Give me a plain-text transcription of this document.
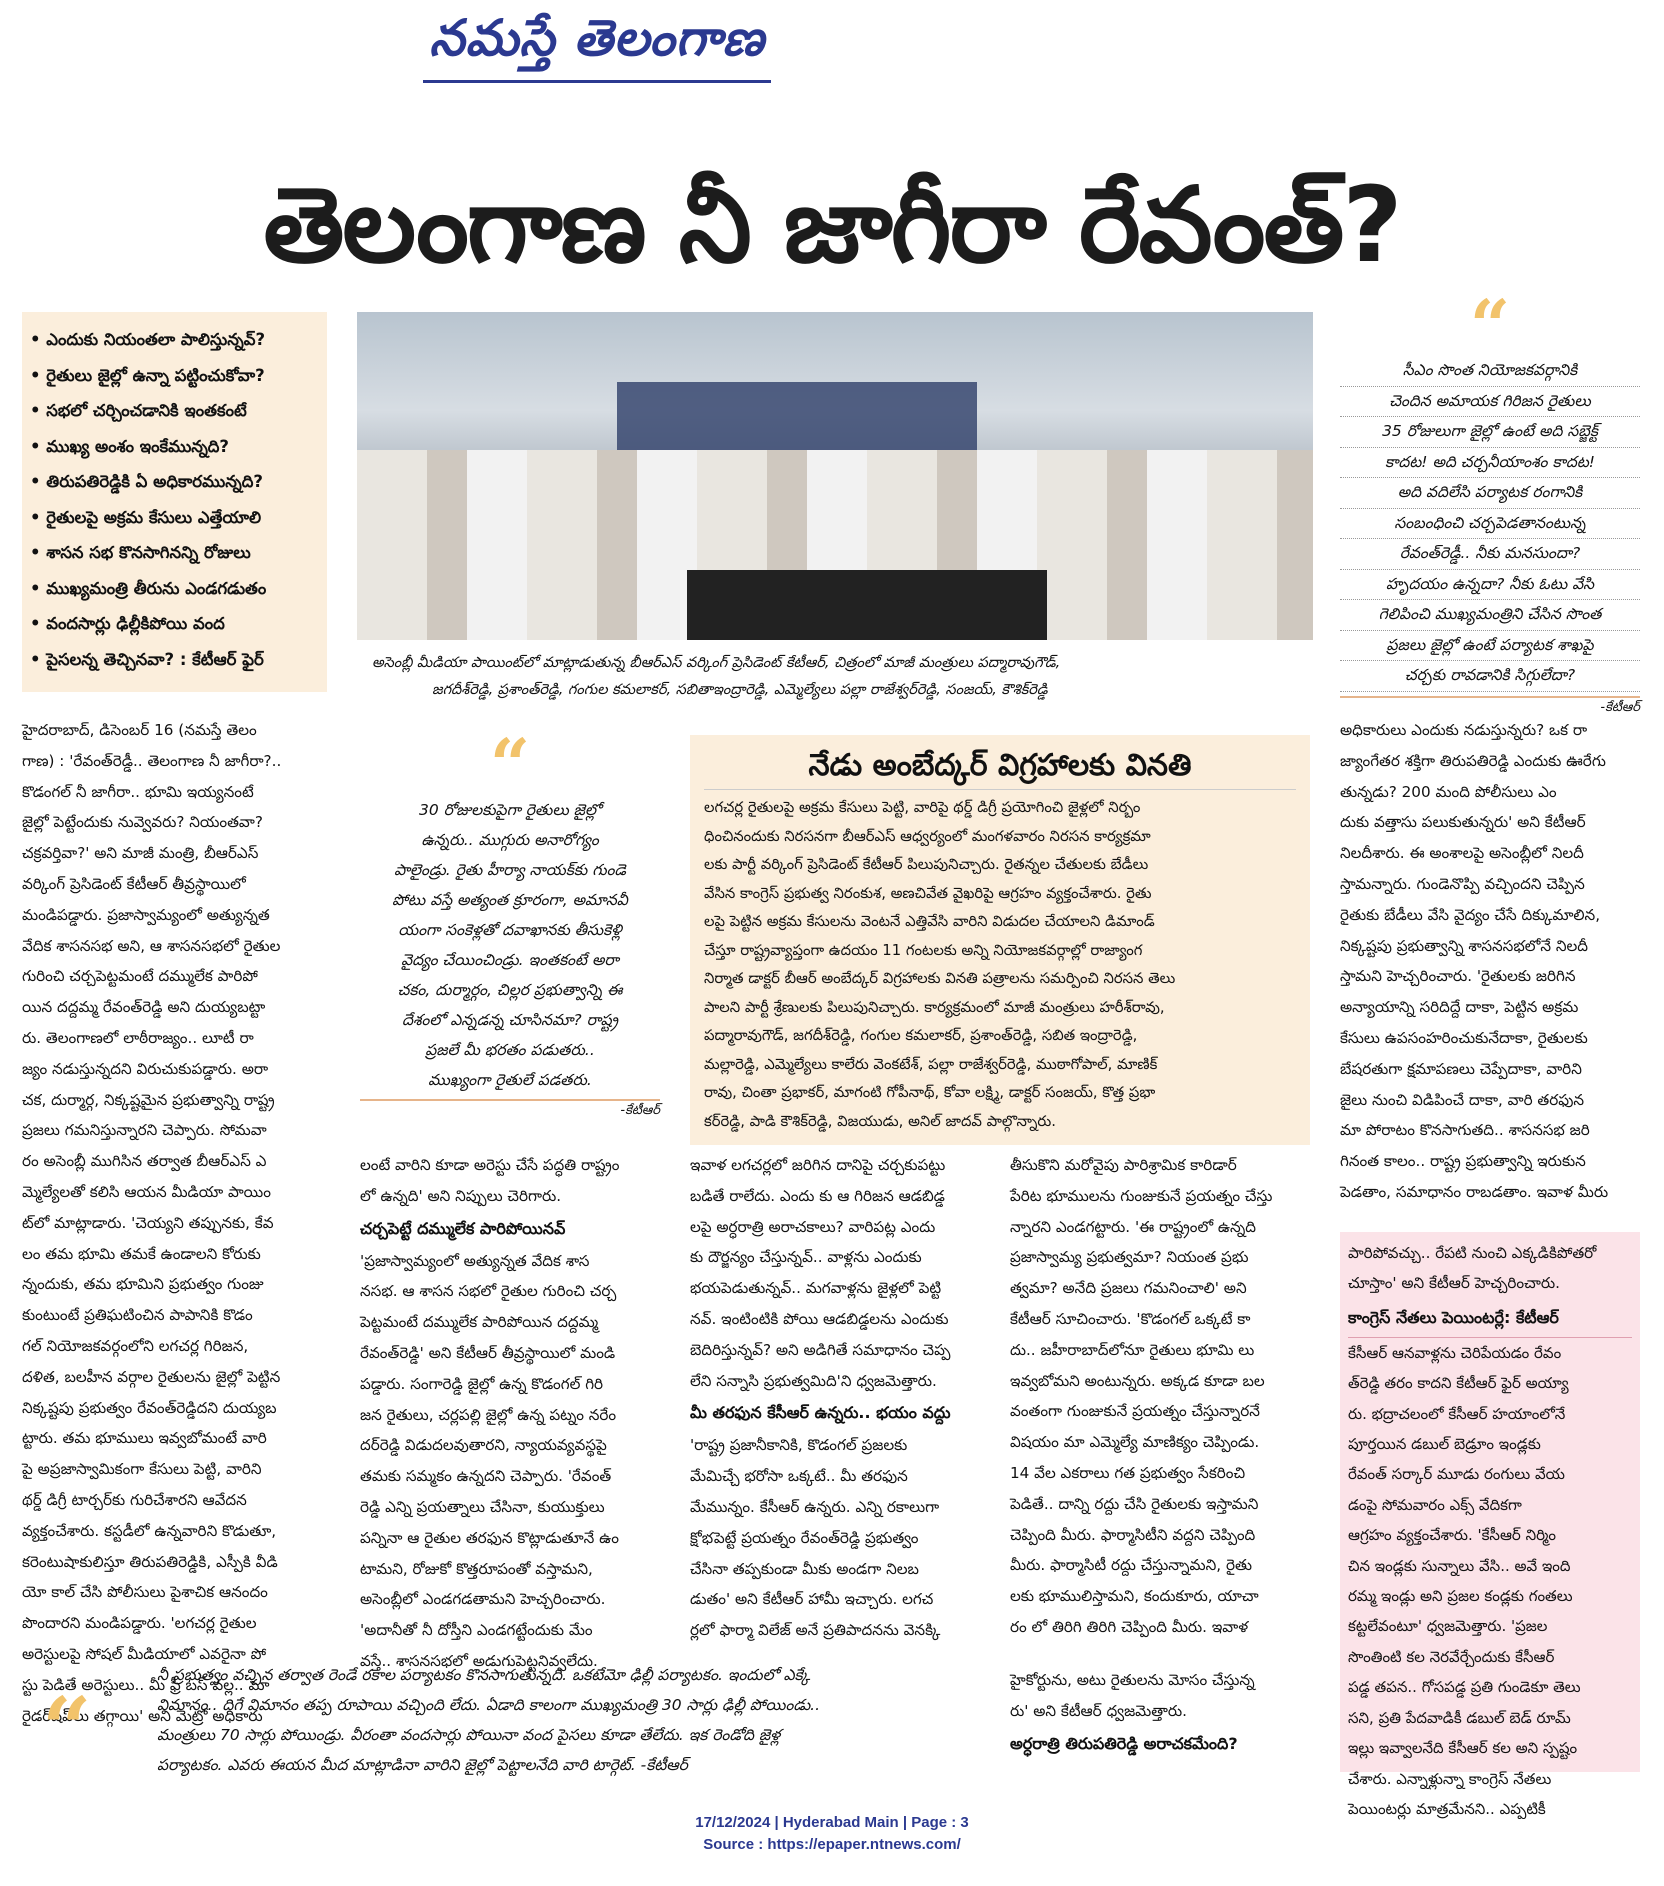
నమస్తే తెలంగాణ
తెలంగాణ నీ జాగీరా రేవంత్?
• ఎందుకు నియంతలా పాలిస్తున్నవ్?
• రైతులు జైల్లో ఉన్నా పట్టించుకోవా?
• సభలో చర్చించడానికి ఇంతకంటే
• ముఖ్య అంశం ఇంకేమున్నది?
• తిరుపతిరెడ్డికి ఏ అధికారమున్నది?
• రైతులపై అక్రమ కేసులు ఎత్తేయాలి
• శాసన సభ కొనసాగినన్ని రోజులు
• ముఖ్యమంత్రి తీరును ఎండగడుతం
• వందసార్లు ఢిల్లీకిపోయి వంద
• పైసలన్న తెచ్చినవా? : కేటీఆర్ ఫైర్	అసెంబ్లీ మీడియా పాయింట్‌లో మాట్లాడుతున్న బీఆర్‌ఎస్ వర్కింగ్ ప్రెసిడెంట్ కేటీఆర్, చిత్రంలో మాజీ మంత్రులు పద్మారావుగౌడ్,
జగదీశ్‌రెడ్డి, ప్రశాంత్‌రెడ్డి, గంగుల కమలాకర్, సబితాఇంద్రారెడ్డి, ఎమ్మెల్యేలు పల్లా రాజేశ్వర్‌రెడ్డి, సంజయ్, కౌశిక్‌రెడ్డి
“
సీఎం సొంత నియోజకవర్గానికి
చెందిన అమాయక గిరిజన రైతులు
35 రోజులుగా జైల్లో ఉంటే అది సబ్జెక్ట్
కాదట! అది చర్చనీయాంశం కాదట!
అది వదిలేసి పర్యాటక రంగానికి
సంబంధించి చర్చపెడతానంటున్న
రేవంత్‌రెడ్డీ.. నీకు మనసుందా?
హృదయం ఉన్నదా? నీకు ఓటు వేసి
గెలిపించి ముఖ్యమంత్రిని చేసిన సొంత
ప్రజలు జైల్లో ఉంటే పర్యాటక శాఖపై
చర్చకు రావడానికి సిగ్గులేదా?
-కేటీఆర్
హైదరాబాద్, డిసెంబర్ 16 (నమస్తే తెలం
గాణ) : 'రేవంత్‌రెడ్డీ.. తెలంగాణ నీ జాగీరా?..
కొడంగల్ నీ జాగీరా.. భూమి ఇయ్యనంటే
జైల్లో పెట్టేందుకు నువ్వెవరు? నియంతవా?
చక్రవర్తివా?' అని మాజీ మంత్రి, బీఆర్‌ఎస్
వర్కింగ్ ప్రెసిడెంట్ కేటీఆర్ తీవ్రస్థాయిలో
మండిపడ్డారు. ప్రజాస్వామ్యంలో అత్యున్నత
వేదిక శాసనసభ అని, ఆ శాసనసభలో రైతుల
గురించి చర్చపెట్టమంటే దమ్ములేక పారిపో
యిన దద్దమ్మ రేవంత్‌రెడ్డి అని దుయ్యబట్టా
రు. తెలంగాణలో లాఠీరాజ్యం.. లూటీ రా
జ్యం నడుస్తున్నదని విరుచుకుపడ్డారు. అరా
చక, దుర్మార్గ, నిక్కష్టమైన ప్రభుత్వాన్ని రాష్ట్ర
ప్రజలు గమనిస్తున్నారని చెప్పారు. సోమవా
రం అసెంబ్లీ ముగిసిన తర్వాత బీఆర్‌ఎస్ ఎ
మ్మెల్యేలతో కలిసి ఆయన మీడియా పాయిం
ట్‌లో మాట్లాడారు. 'చెయ్యని తప్పునకు, కేవ
లం తమ భూమి తమకే ఉండాలని కోరుకు
న్నందుకు, తమ భూమిని ప్రభుత్వం గుంజు
కుంటుంటే ప్రతిఘటించిన పాపానికి కొడం
గల్ నియోజకవర్గంలోని లగచర్ల గిరిజన,
దళిత, బలహీన వర్గాల రైతులను జైల్లో పెట్టిన
నిక్కష్టపు ప్రభుత్వం రేవంత్‌రెడ్డిదని దుయ్యబ
ట్టారు. తమ భూములు ఇవ్వబోమంటే వారి
పై అప్రజాస్వామికంగా కేసులు పెట్టి, వారిని
థర్డ్ డిగ్రీ టార్చర్‌కు గురిచేశారని ఆవేదన
వ్యక్తంచేశారు. కస్టడీలో ఉన్నవారిని కొడుతూ,
కరెంటుషాకులిస్తూ తిరుపతిరెడ్డికి, ఎస్పీకి వీడి
యో కాల్ చేసి పోలీసులు పైశాచిక ఆనందం
పొందారని మండిపడ్డారు. 'లగచర్ల రైతుల
అరెస్టులపై సోషల్ మీడియాలో ఎవరైనా పో
స్టు పెడితే అరెస్టులు.. మీ ఫ్రీ బస్ వల్ల.. మా
రైడర్‌షిప్‌లు తగ్గాయి' అని మెట్రో అధికారు
“
30 రోజులకుపైగా రైతులు జైల్లో
ఉన్నరు.. ముగ్గురు అనారోగ్యం
పాలైండ్రు. రైతు హీర్యా నాయక్‌కు గుండె
పోటు వస్తే అత్యంత క్రూరంగా, అమానవీ
యంగా సంకెళ్లతో దవాఖానకు తీసుకెళ్లి
వైద్యం చేయించిండ్రు. ఇంతకంటే అరా
చకం, దుర్మార్గం, చిల్లర ప్రభుత్వాన్ని ఈ
దేశంలో ఎన్నడన్న చూసినమా? రాష్ట్ర
ప్రజలే మీ భరతం పడుతరు..
ముఖ్యంగా రైతులే పడతరు.
-కేటీఆర్
నేడు అంబేద్కర్ విగ్రహాలకు వినతి
లగచర్ల రైతులపై అక్రమ కేసులు పెట్టి, వారిపై థర్డ్ డిగ్రీ ప్రయోగించి జైళ్లలో నిర్బం
ధించినందుకు నిరసనగా బీఆర్‌ఎస్ ఆధ్వర్యంలో మంగళవారం నిరసన కార్యక్రమా
లకు పార్టీ వర్కింగ్ ప్రెసిడెంట్ కేటీఆర్ పిలుపునిచ్చారు. రైతన్నల చేతులకు బేడీలు
వేసిన కాంగ్రెస్ ప్రభుత్వ నిరంకుశ, అణచివేత వైఖరిపై ఆగ్రహం వ్యక్తంచేశారు. రైతు
లపై పెట్టిన అక్రమ కేసులను వెంటనే ఎత్తివేసి వారిని విడుదల చేయాలని డిమాండ్
చేస్తూ రాష్ట్రవ్యాప్తంగా ఉదయం 11 గంటలకు అన్ని నియోజకవర్గాల్లో రాజ్యాంగ
నిర్మాత డాక్టర్ బీఆర్ అంబేద్కర్ విగ్రహాలకు వినతి పత్రాలను సమర్పించి నిరసన తెలు
పాలని పార్టీ శ్రేణులకు పిలుపునిచ్చారు. కార్యక్రమంలో మాజీ మంత్రులు హరీశ్‌రావు,
పద్మారావుగౌడ్, జగదీశ్‌రెడ్డి, గంగుల కమలాకర్, ప్రశాంత్‌రెడ్డి, సబిత ఇంద్రారెడ్డి,
మల్లారెడ్డి, ఎమ్మెల్యేలు కాలేరు వెంకటేశ్, పల్లా రాజేశ్వర్‌రెడ్డి, ముఠాగోపాల్, మాణిక్
రావు, చింతా ప్రభాకర్, మాగంటి గోపీనాథ్, కోవా లక్ష్మి, డాక్టర్ సంజయ్, కొత్త ప్రభా
కర్‌రెడ్డి, పాడి కౌశిక్‌రెడ్డి, విజయుడు, అనిల్ జాదవ్ పాల్గొన్నారు.
లంటే వారిని కూడా అరెస్టు చేసే పద్ధతి రాష్ట్రం
లో ఉన్నది' అని నిప్పులు చెరిగారు.
చర్చపెట్టే దమ్ములేక పారిపోయినవ్
'ప్రజాస్వామ్యంలో అత్యున్నత వేదిక శాస
నసభ. ఆ శాసన సభలో రైతుల గురించి చర్చ
పెట్టమంటే దమ్ములేక పారిపోయిన దద్దమ్మ
రేవంత్‌రెడ్డి' అని కేటీఆర్ తీవ్రస్థాయిలో మండి
పడ్డారు. సంగారెడ్డి జైల్లో ఉన్న కొడంగల్ గిరి
జన రైతులు, చర్లపల్లి జైల్లో ఉన్న పట్నం నరేం
దర్‌రెడ్డి విడుదలవుతారని, న్యాయవ్యవస్థపై
తమకు సమ్మకం ఉన్నదని చెప్పారు. 'రేవంత్
రెడ్డి ఎన్ని ప్రయత్నాలు చేసినా, కుయుక్తులు
పన్నినా ఆ రైతుల తరఫున కొట్లాడుతూనే ఉం
టామని, రోజుకో కొత్తరూపంతో వస్తామని,
అసెంబ్లీలో ఎండగడతామని హెచ్చరించారు.
'అదానీతో నీ దోస్తీని ఎండగట్టేందుకు మేం
వస్తే.. శాసనసభలో అడుగుపెట్టనివ్వలేదు.
ఇవాళ లగచర్లలో జరిగిన దానిపై చర్చకుపట్టు
బడితే రాలేదు. ఎందు కు ఆ గిరిజన ఆడబిడ్డ
లపై అర్ధరాత్రి అరాచకాలు? వారిపట్ల ఎందు
కు దౌర్జన్యం చేస్తున్నవ్.. వాళ్లను ఎందుకు
భయపెడుతున్నవ్.. మగవాళ్లను జైళ్లలో పెట్టి
నవ్. ఇంటింటికి పోయి ఆడబిడ్డలను ఎందుకు
బెదిరిస్తున్నవ్? అని అడిగితే సమాధానం చెప్ప
లేని సన్నాసి ప్రభుత్వమిది'ని ధ్వజమెత్తారు.
మీ తరఫున కేసీఆర్ ఉన్నరు.. భయం వద్దు
'రాష్ట్ర ప్రజానీకానికి, కొడంగల్ ప్రజలకు
మేమిచ్చే భరోసా ఒక్కటే.. మీ తరఫున
మేమున్నం. కేసీఆర్ ఉన్నరు. ఎన్ని రకాలుగా
క్షోభపెట్టే ప్రయత్నం రేవంత్‌రెడ్డి ప్రభుత్వం
చేసినా తప్పకుండా మీకు అండగా నిలబ
డుతం' అని కేటీఆర్ హామీ ఇచ్చారు. లగచ
ర్లలో ఫార్మా విలేజ్ అనే ప్రతిపాదనను వెనక్కి
తీసుకొని మరోవైపు పారిశ్రామిక కారిడార్
పేరిట భూములను గుంజుకునే ప్రయత్నం చేస్తు
న్నారని ఎండగట్టారు. 'ఈ రాష్ట్రంలో ఉన్నది
ప్రజాస్వామ్య ప్రభుత్వమా? నియంత ప్రభు
త్వమా? అనేది ప్రజలు గమనించాలి' అని
కేటీఆర్ సూచించారు. 'కొడంగల్ ఒక్కటే కా
దు.. జహీరాబాద్‌లోనూ రైతులు భూమి లు
ఇవ్వబోమని అంటున్నరు. అక్కడ కూడా బల
వంతంగా గుంజుకునే ప్రయత్నం చేస్తున్నారనే
విషయం మా ఎమ్మెల్యే మాణిక్యం చెప్పిండు.
14 వేల ఎకరాలు గత ప్రభుత్వం సేకరించి
పెడితే.. దాన్ని రద్దు చేసి రైతులకు ఇస్తామని
చెప్పింది మీరు. ఫార్మాసిటీని వద్దని చెప్పింది
మీరు. ఫార్మాసిటీ రద్దు చేస్తున్నామని, రైతు
లకు భూములిస్తామని, కందుకూరు, యాచా
రం లో తిరిగి తిరిగి చెప్పింది మీరు. ఇవాళ
హైకోర్టును, అటు రైతులను మోసం చేస్తున్న
రు' అని కేటీఆర్ ధ్వజమెత్తారు.
అర్ధరాత్రి తిరుపతిరెడ్డి అరాచకమేంది?
అధికారులు ఎందుకు నడుస్తున్నరు? ఒక రా
జ్యాంగేతర శక్తిగా తిరుపతిరెడ్డి ఎందుకు ఊరేగు
తున్నడు? 200 మంది పోలీసులు ఎం
దుకు వత్తాసు పలుకుతున్నరు' అని కేటీఆర్
నిలదీశారు. ఈ అంశాలపై అసెంబ్లీలో నిలదీ
స్తామన్నారు. గుండెనొప్పి వచ్చిందని చెప్పిన
రైతుకు బేడీలు వేసి వైద్యం చేసే దిక్కుమాలిన,
నిక్కష్టపు ప్రభుత్వాన్ని శాసనసభలోనే నిలదీ
స్తామని హెచ్చరించారు. 'రైతులకు జరిగిన
అన్యాయాన్ని సరిదిద్దే దాకా, పెట్టిన అక్రమ
కేసులు ఉపసంహరించుకునేదాకా, రైతులకు
బేషరతుగా క్షమాపణలు చెప్పేదాకా, వారిని
జైలు నుంచి విడిపించే దాకా, వారి తరఫున
మా పోరాటం కొనసాగుతది.. శాసనసభ జరి
గినంత కాలం.. రాష్ట్ర ప్రభుత్వాన్ని ఇరుకున
పెడతాం, సమాధానం రాబడతాం. ఇవాళ మీరు
పారిపోవచ్చు.. రేపటి నుంచి ఎక్కడికిపోతరో
చూస్తాం' అని కేటీఆర్ హెచ్చరించారు.
కాంగ్రెస్ నేతలు పెయింటర్లే: కేటీఆర్
కేసీఆర్ ఆనవాళ్లను చెరిపేయడం రేవం
త్‌రెడ్డి తరం కాదని కేటీఆర్ ఫైర్ అయ్యా
రు. భద్రాచలంలో కేసీఆర్ హయాంలోనే
పూర్తయిన డబుల్ బెడ్రూం ఇండ్లకు
రేవంత్ సర్కార్ మూడు రంగులు వేయ
డంపై సోమవారం ఎక్స్ వేదికగా
ఆగ్రహం వ్యక్తంచేశారు. 'కేసీఆర్ నిర్మిం
చిన ఇండ్లకు సున్నాలు వేసి.. అవే ఇంది
రమ్మ ఇండ్లు అని ప్రజల కండ్లకు గంతలు
కట్టలేవంటూ' ధ్వజమెత్తారు. 'ప్రజల
సొంతింటి కల నెరవేర్చేందుకు కేసీఆర్
పడ్డ తపన.. గోసపడ్డ ప్రతి గుండెకూ తెలు
సని, ప్రతి పేదవాడికీ డబుల్ బెడ్ రూమ్
ఇల్లు ఇవ్వాలనేది కేసీఆర్ కల అని స్పష్టం
చేశారు. ఎన్నాళ్లున్నా కాంగ్రెస్ నేతలు
పెయింటర్లు మాత్రమేనని.. ఎప్పటికీ
“
నీ ప్రభుత్వం వచ్చిన తర్వాత రెండే రకాల పర్యాటకం కొనసాగుతున్నది. ఒకటేమో ఢిల్లీ పర్యాటకం. ఇందులో ఎక్కే
విమానం.. దిగే విమానం తప్ప రూపాయి వచ్చింది లేదు. ఏడాది కాలంగా ముఖ్యమంత్రి 30 సార్లు ఢిల్లీ పోయిండు..
మంత్రులు 70 సార్లు పోయిండ్రు. వీరంతా వందసార్లు పోయినా వంద పైసలు కూడా తేలేదు. ఇక రెండోది జైళ్ల
పర్యాటకం. ఎవరు ఈయన మీద మాట్లాడినా వారిని జైల్లో పెట్టాలనేది వారి టార్గెట్. -కేటీఆర్
17/12/2024 | Hyderabad Main | Page : 3
Source : https://epaper.ntnews.com/
